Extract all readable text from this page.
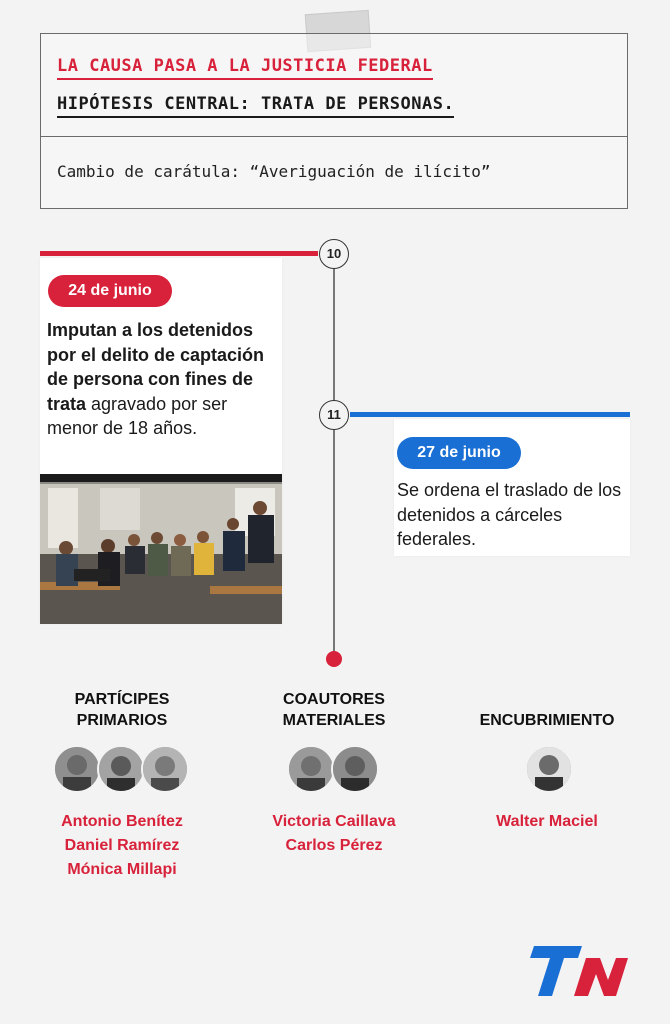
LA CAUSA PASA A LA JUSTICIA FEDERAL
HIPÓTESIS CENTRAL: TRATA DE PERSONAS.
Cambio de carátula: “Averiguación de ilícito”
10
11
24 de junio
Imputan a los detenidos por el delito de captación de persona con fines de trata agravado por ser menor de 18 años.
27 de junio
Se ordena el traslado de los detenidos a cárceles federales.
PARTÍCIPES
PRIMARIOS
COAUTORES
MATERIALES	ENCUBRIMIENTO
Antonio Benítez
Daniel Ramírez
Mónica Millapi
Victoria Caillava
Carlos Pérez
Walter Maciel
